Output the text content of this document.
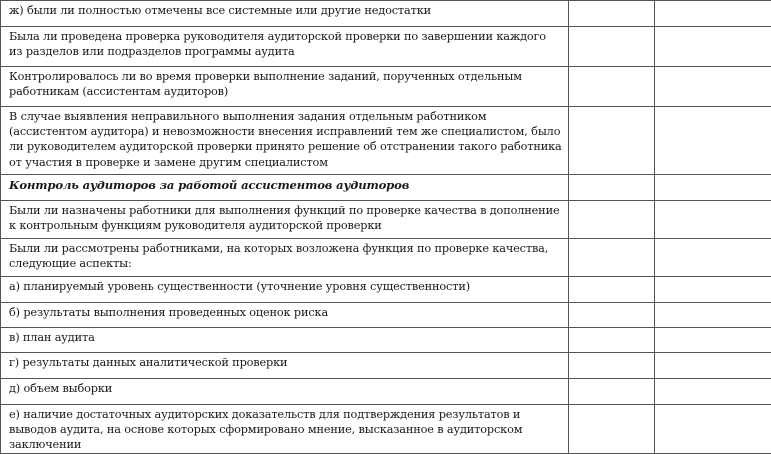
ж) были ли полностью отмечены все системные или другие недостатки		
Была ли проведена проверка руководителя аудиторской проверки по завершении каждого из разделов или подразделов программы аудита		
Контролировалось ли во время проверки выполнение заданий, порученных отдельным работникам (ассистентам аудиторов)		
В случае выявления неправильного выполнения задания отдельным работником (ассистентом аудитора) и невозможности внесения исправлений тем же специалистом, было ли руководителем аудиторской проверки принято решение об отстранении такого работника от участия в проверке и замене другим специалистом		
Контроль аудиторов за работой ассистентов аудиторов		
Были ли назначены работники для выполнения функций по проверке качества в дополнение к контрольным функциям руководителя аудиторской проверки		
Были ли рассмотрены работниками, на которых возложена функция по проверке качества, следующие аспекты:		
а) планируемый уровень существенности (уточнение уровня существенности)		
б) результаты выполнения проведенных оценок риска		
в) план аудита		
г) результаты данных аналитической проверки		
д) объем выборки		
е) наличие достаточных аудиторских доказательств для подтверждения результатов и выводов аудита, на основе которых сформировано мнение, высказанное в аудиторском заключении		
